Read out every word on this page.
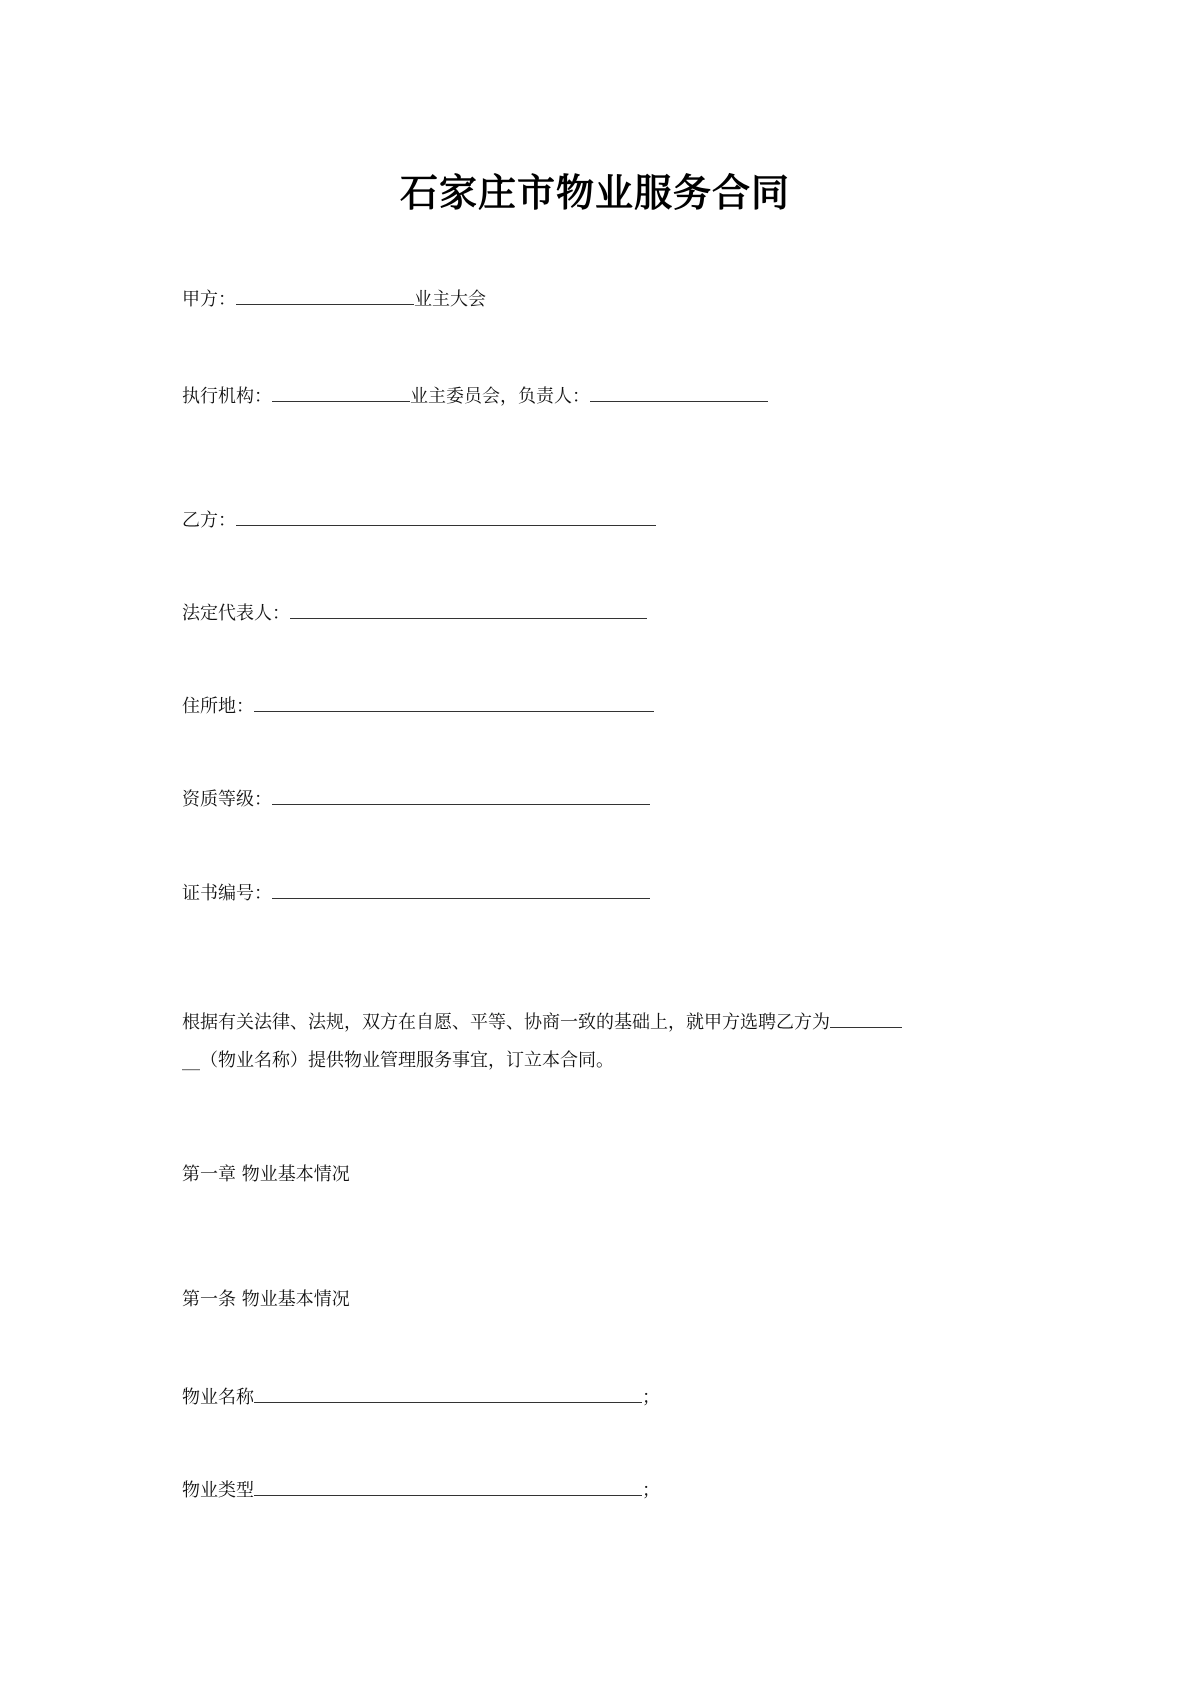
石家庄市物业服务合同
甲方：	业主大会
执行机构：	业主委员会，负责人：
乙方：
法定代表人：
住所地：
资质等级：
证书编号：
根据有关法律、法规，双方在自愿、平等、协商一致的基础上，就甲方选聘乙方为
__（物业名称）提供物业管理服务事宜，订立本合同。
第一章 物业基本情况
第一条 物业基本情况
物业名称	；
物业类型	；
